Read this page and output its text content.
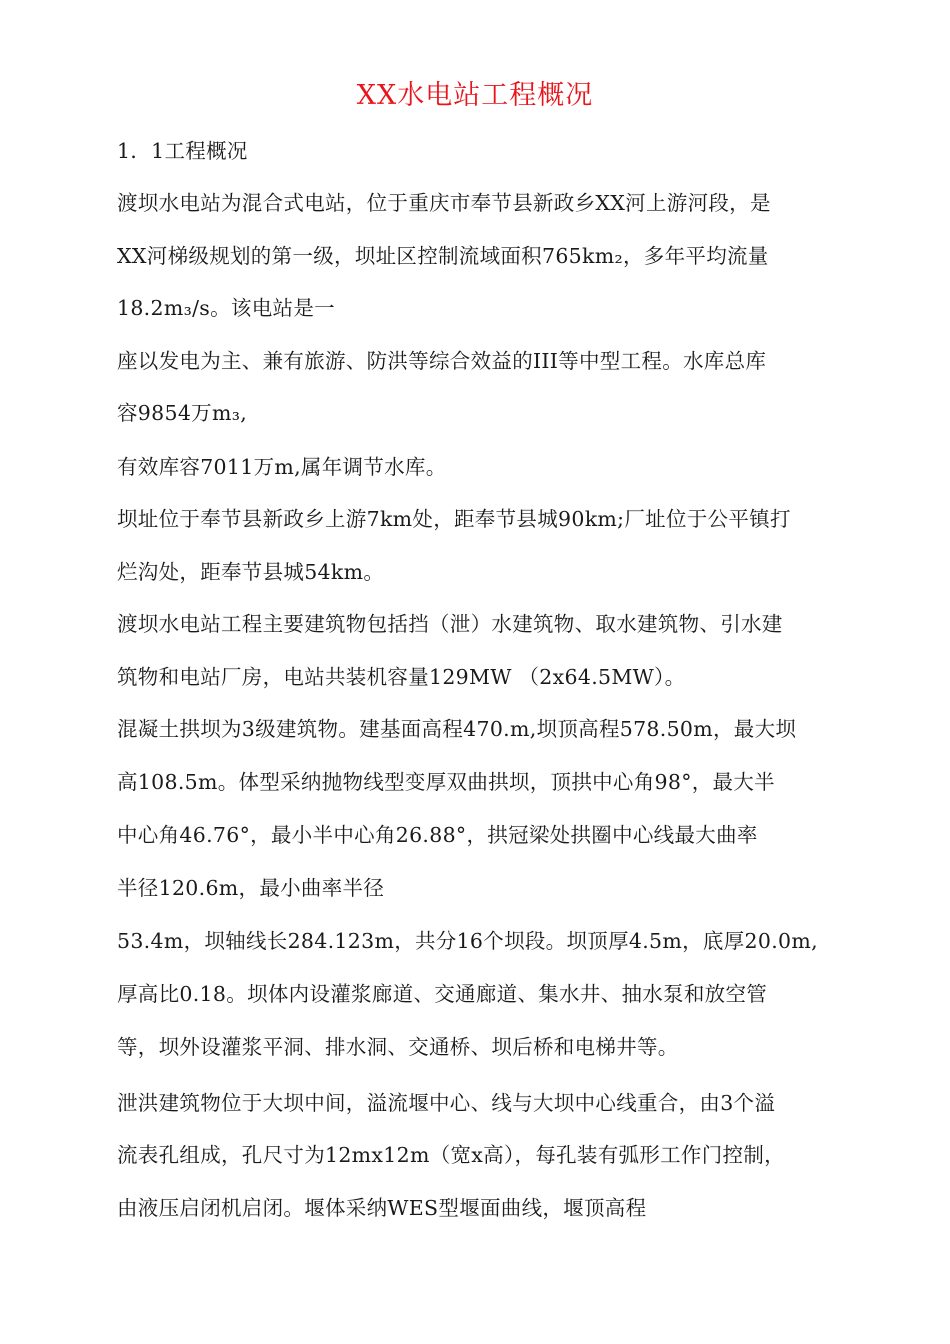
XX水电站工程概况
1．1工程概况
渡坝水电站为混合式电站，位于重庆市奉节县新政乡XX河上游河段，是
XX河梯级规划的第一级，坝址区控制流域面积765km₂，多年平均流量
18.2m₃/s。该电站是一
座以发电为主、兼有旅游、防洪等综合效益的III等中型工程。水库总库
容9854万m₃,
有效库容7011万m,属年调节水库。
坝址位于奉节县新政乡上游7km处，距奉节县城90km;厂址位于公平镇打
烂沟处，距奉节县城54km。
渡坝水电站工程主要建筑物包括挡（泄）水建筑物、取水建筑物、引水建
筑物和电站厂房，电站共装机容量129MW （2x64.5MW）。
混凝土拱坝为3级建筑物。建基面高程470.m,坝顶高程578.50m，最大坝
高108.5m。体型采纳抛物线型变厚双曲拱坝，顶拱中心角98°，最大半
中心角46.76°，最小半中心角26.88°，拱冠梁处拱圈中心线最大曲率
半径120.6m，最小曲率半径
53.4m，坝轴线长284.123m，共分16个坝段。坝顶厚4.5m，底厚20.0m,
厚高比0.18。坝体内设灌浆廊道、交通廊道、集水井、抽水泵和放空管
等，坝外设灌浆平洞、排水洞、交通桥、坝后桥和电梯井等。
泄洪建筑物位于大坝中间，溢流堰中心、线与大坝中心线重合，由3个溢
流表孔组成，孔尺寸为12mx12m（宽x高），每孔装有弧形工作门控制，
由液压启闭机启闭。堰体采纳WES型堰面曲线，堰顶高程
